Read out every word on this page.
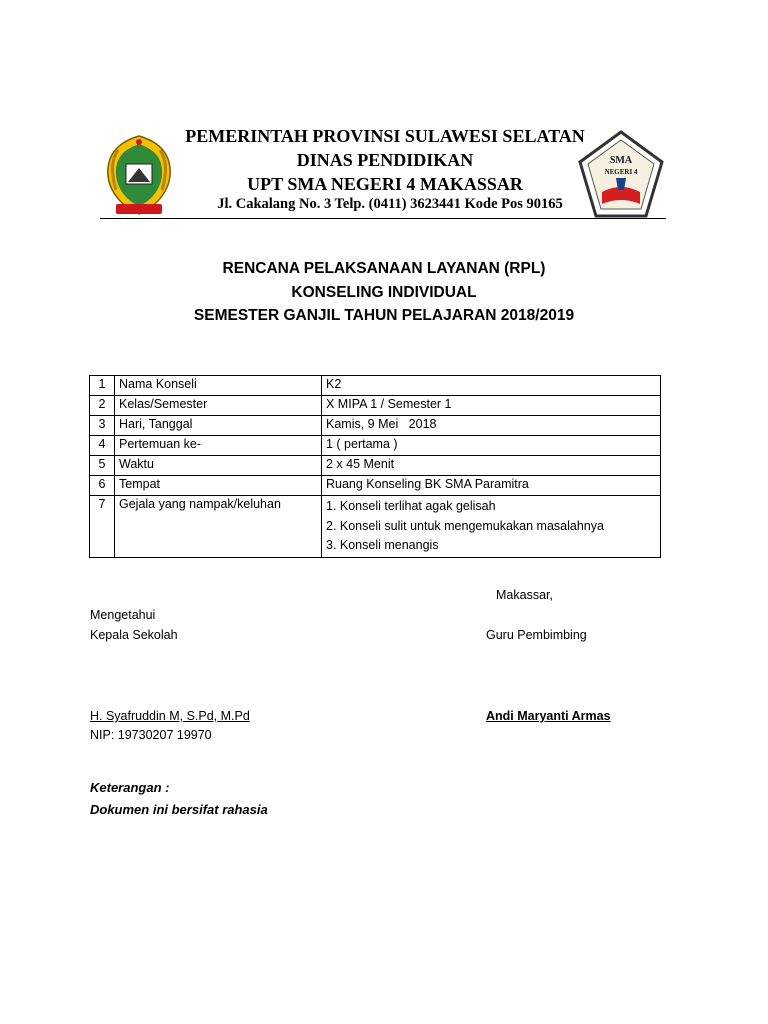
SMA
NEGERI 4
PEMERINTAH PROVINSI SULAWESI SELATAN
DINAS PENDIDIKAN
UPT SMA NEGERI 4 MAKASSAR
Jl. Cakalang No. 3 Telp. (0411) 3623441 Kode Pos 90165
RENCANA PELAKSANAAN LAYANAN (RPL)
KONSELING INDIVIDUAL
SEMESTER GANJIL TAHUN PELAJARAN 2018/2019
1	Nama Konseli	K2
2	Kelas/Semester	X MIPA 1 / Semester 1
3	Hari, Tanggal	Kamis, 9 Mei   2018
4	Pertemuan ke-	1 ( pertama )
5	Waktu	2 x 45 Menit
6	Tempat	Ruang Konseling BK SMA Paramitra
7	Gejala yang nampak/keluhan	1. Konseli terlihat agak gelisah
2. Konseli sulit untuk mengemukakan masalahnya
3. Konseli menangis
Makassar,
Mengetahui
Kepala Sekolah	Guru Pembimbing
H. Syafruddin M, S.Pd, M.Pd
NIP: 19730207 19970
Andi Maryanti Armas
Keterangan :
Dokumen ini bersifat rahasia
